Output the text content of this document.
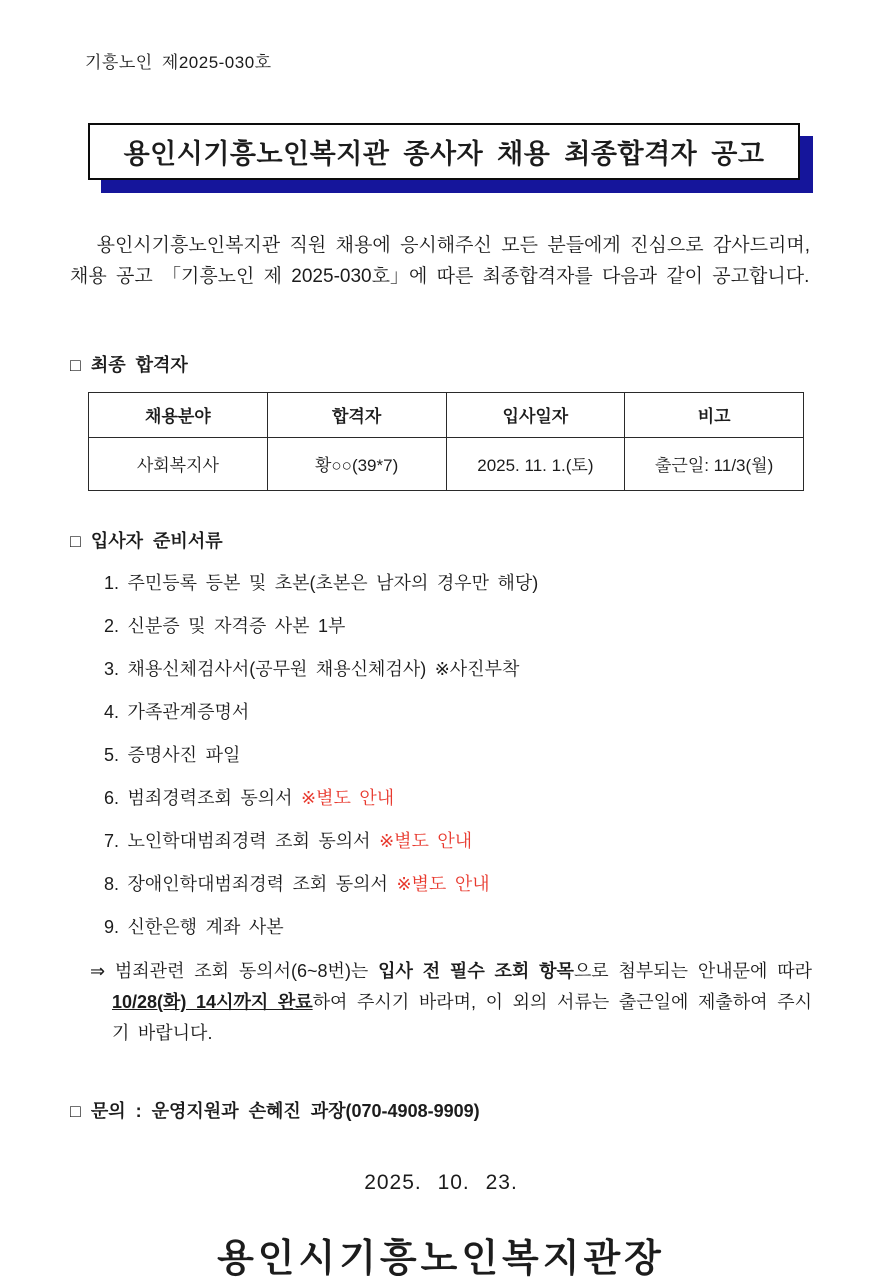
기흥노인 제2025-030호
용인시기흥노인복지관 종사자 채용 최종합격자 공고

용인시기흥노인복지관 직원 채용에 응시해주신 모든 분들에게 진심으로 감사드리며, 채용 공고 「기흥노인 제 2025-030호」에 따른 최종합격자를 다음과 같이 공고합니다.

□ 최종 합격자
채용분야	합격자	입사일자	비고
사회복지사	황○○(39*7)	2025. 11. 1.(토)	출근일: 11/3(월)
□ 입사자 준비서류
1. 주민등록 등본 및 초본(초본은 남자의 경우만 해당)
2. 신분증 및 자격증 사본 1부
3. 채용신체검사서(공무원 채용신체검사) ※사진부착
4. 가족관계증명서
5. 증명사진 파일
6. 범죄경력조회 동의서 ※별도 안내
7. 노인학대범죄경력 조회 동의서 ※별도 안내
8. 장애인학대범죄경력 조회 동의서 ※별도 안내
9. 신한은행 계좌 사본

⇒ 범죄관련 조회 동의서(6~8번)는 입사 전 필수 조회 항목으로 첨부되는 안내문에 따라 10/28(화) 14시까지 완료하여 주시기 바라며, 이 외의 서류는 출근일에 제출하여 주시기 바랍니다.

□ 문의 : 운영지원과 손혜진 과장(070-4908-9909)
2025. 10. 23.
용인시기흥노인복지관장
